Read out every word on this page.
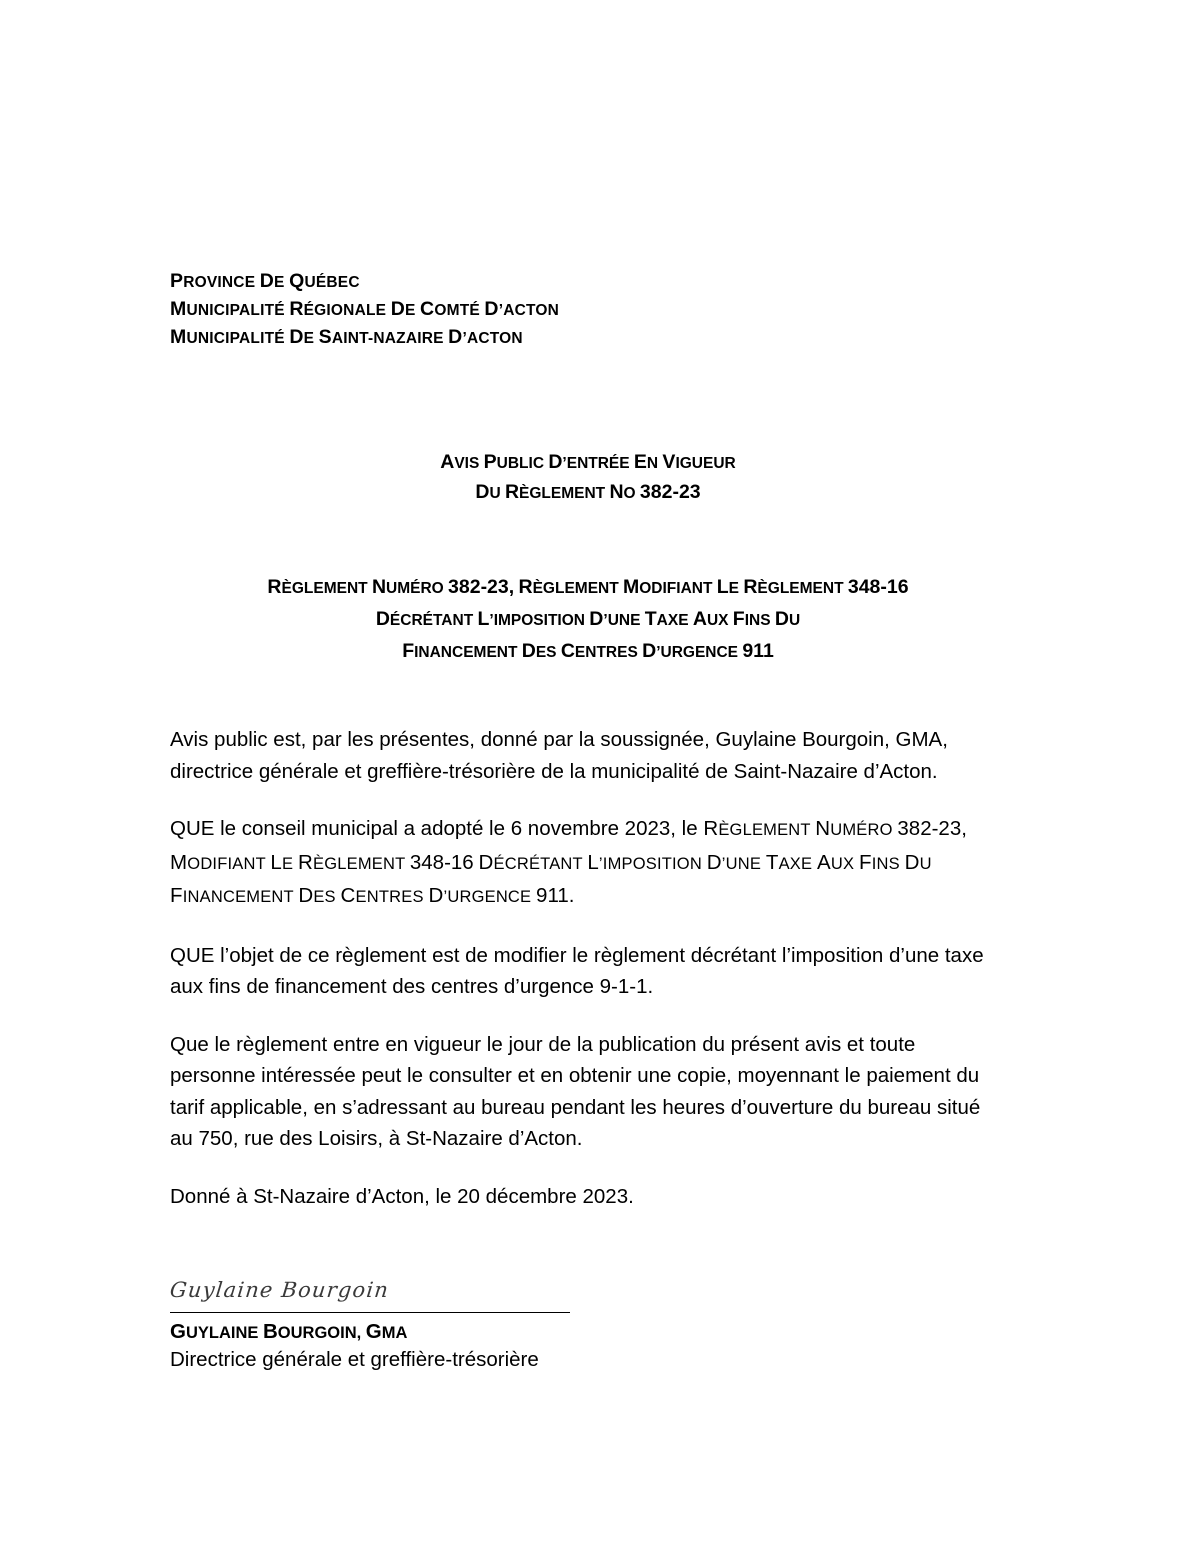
PROVINCE DE QUÉBEC
MUNICIPALITÉ RÉGIONALE DE COMTÉ D’ACTON
MUNICIPALITÉ DE SAINT-NAZAIRE D’ACTON
AVIS PUBLIC D’ENTRÉE EN VIGUEUR
DU RÈGLEMENT NO 382-23
RÈGLEMENT NUMÉRO 382-23, RÈGLEMENT MODIFIANT LE RÈGLEMENT 348-16
DÉCRÉTANT L’IMPOSITION D’UNE TAXE AUX FINS DU
FINANCEMENT DES CENTRES D’URGENCE 911

Avis public est, par les présentes, donné par la soussignée, Guylaine Bourgoin, GMA, directrice générale et greffière-trésorière de la municipalité de Saint-Nazaire d’Acton.

QUE le conseil municipal a adopté le 6 novembre 2023, le RÈGLEMENT NUMÉRO 382-23, MODIFIANT LE RÈGLEMENT 348-16 DÉCRÉTANT L’IMPOSITION D’UNE TAXE AUX FINS DU FINANCEMENT DES CENTRES D’URGENCE 911.

QUE l’objet de ce règlement est de modifier le règlement décrétant l’imposition d’une taxe aux fins de financement des centres d’urgence 9-1-1.

Que le règlement entre en vigueur le jour de la publication du présent avis et toute personne intéressée peut le consulter et en obtenir une copie, moyennant le paiement du tarif applicable, en s’adressant au bureau pendant les heures d’ouverture du bureau situé au 750, rue des Loisirs, à St-Nazaire d’Acton.

Donné à St-Nazaire d’Acton, le 20 décembre 2023.

Guylaine Bourgoin
GUYLAINE BOURGOIN, GMA
Directrice générale et greffière-trésorière
